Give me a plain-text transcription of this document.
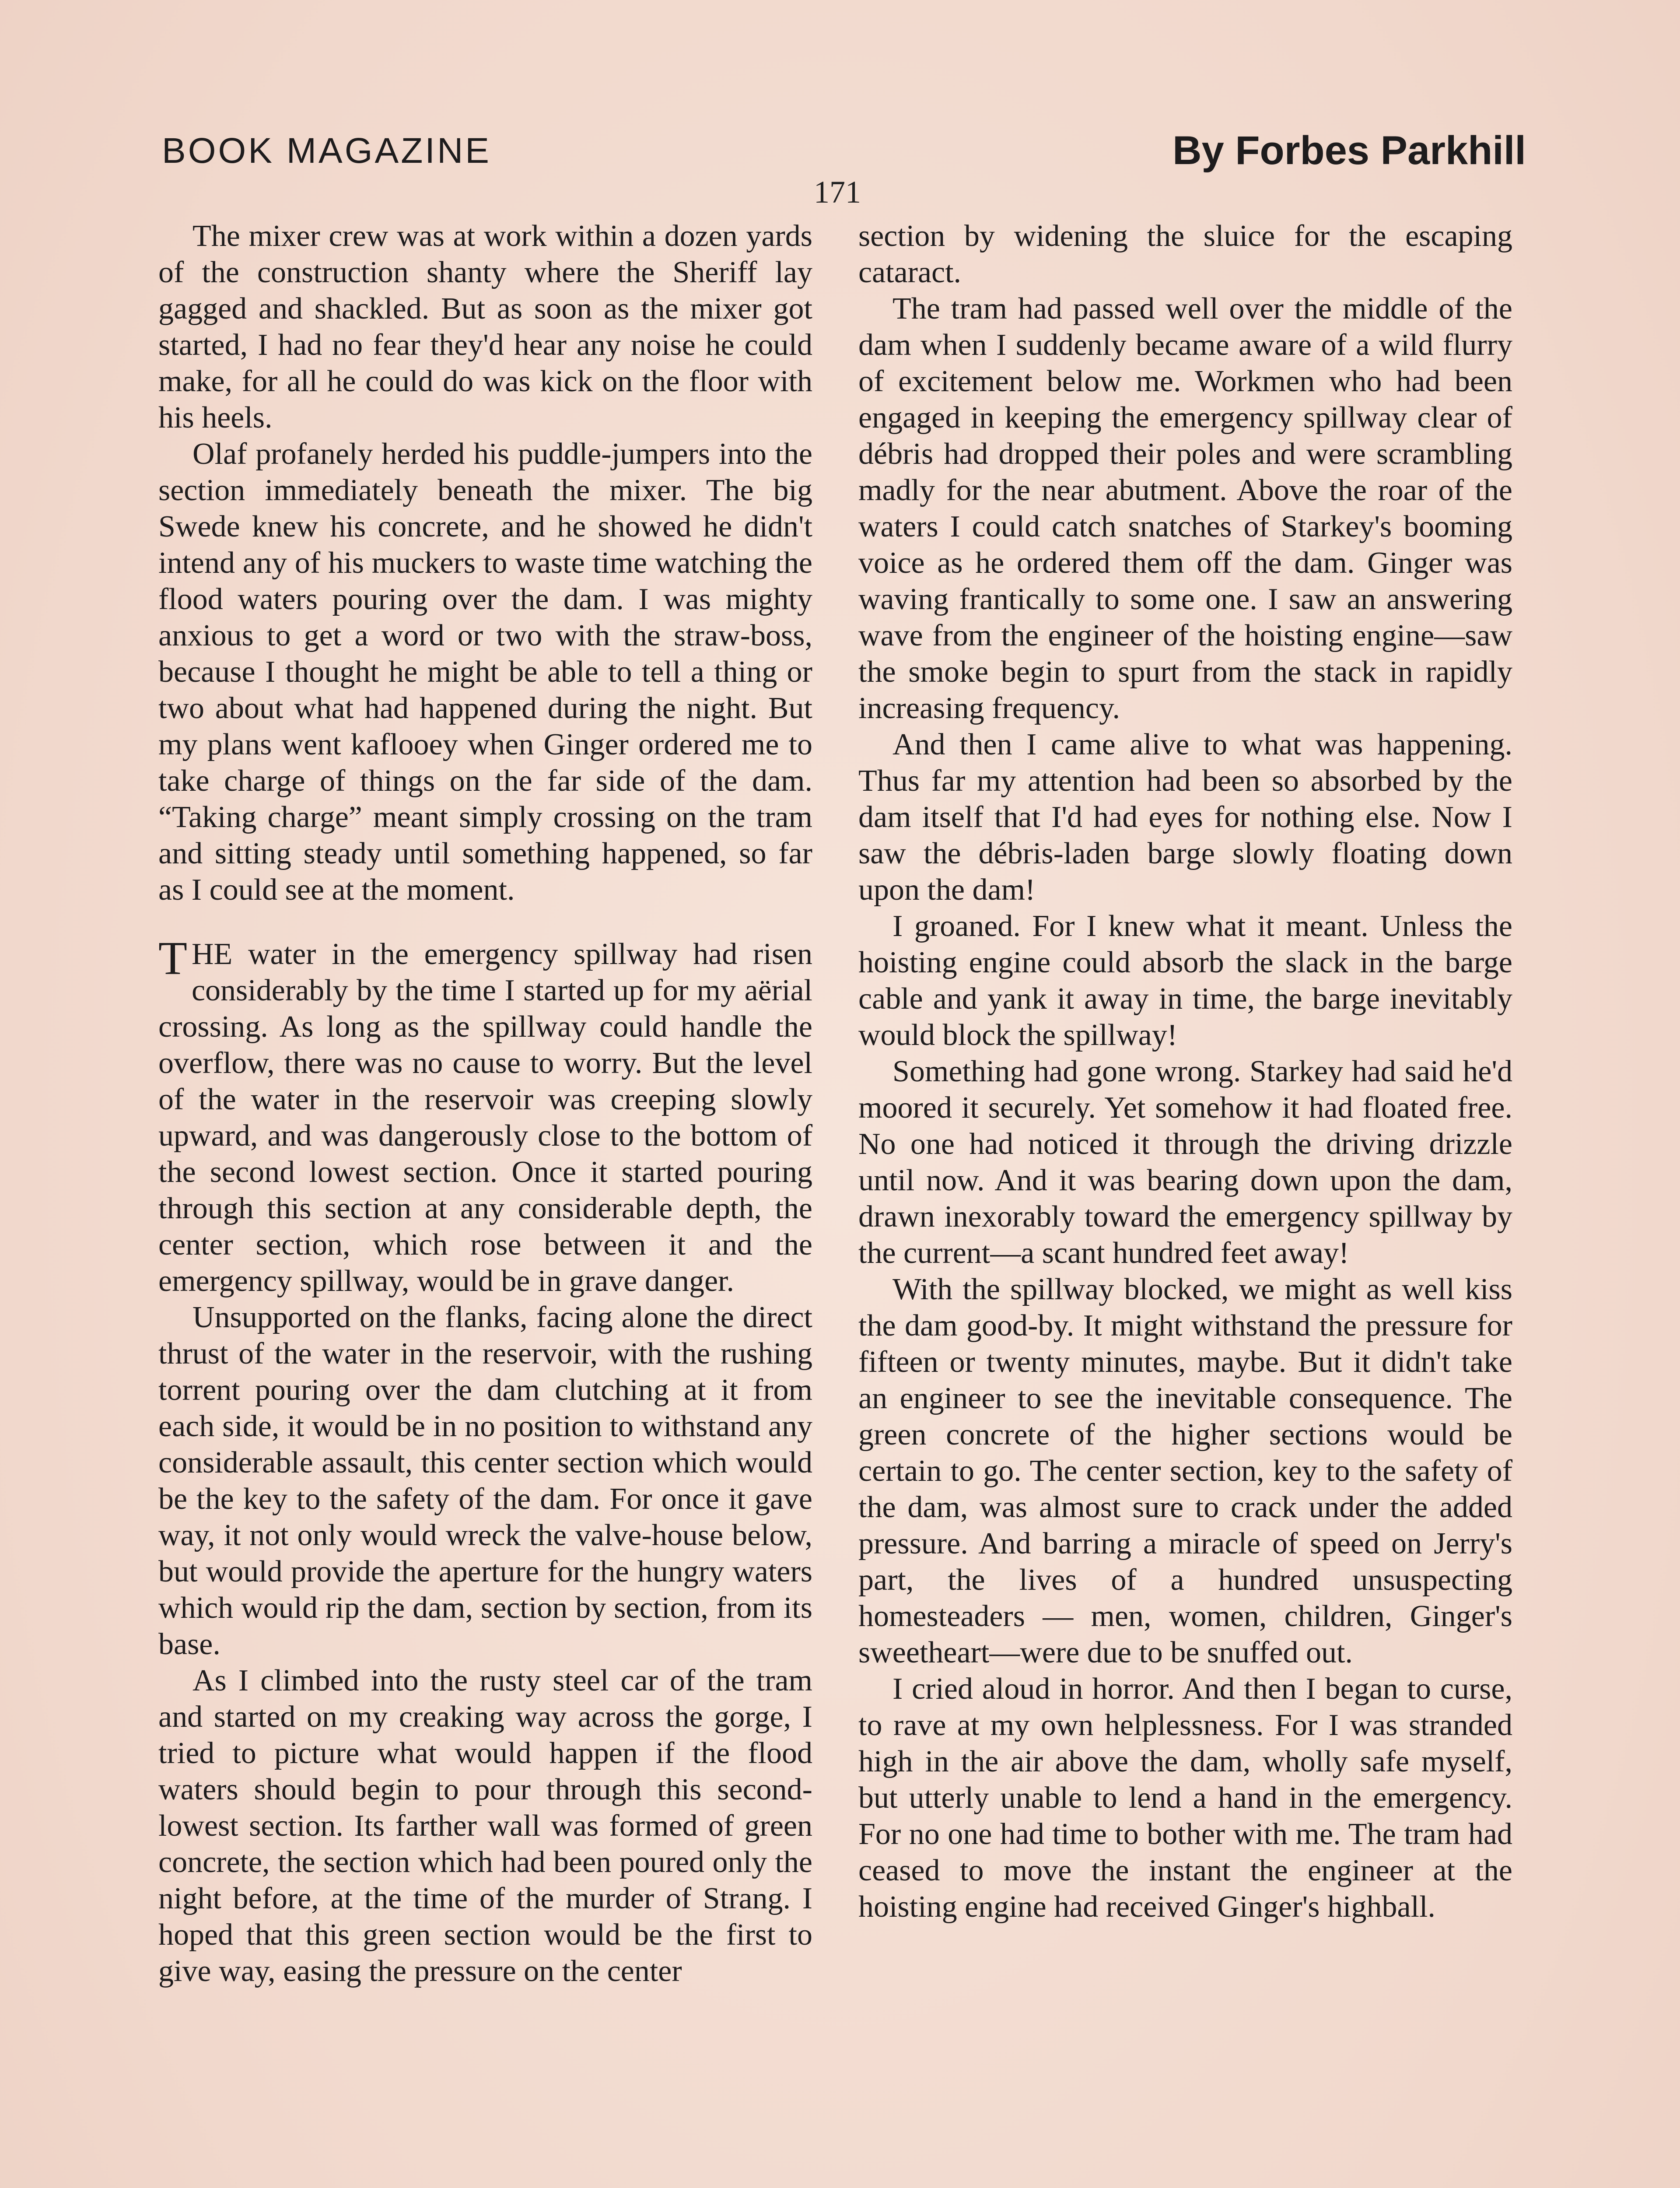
BOOK MAGAZINE	By Forbes Parkhill
171

The mixer crew was at work within a dozen yards of the construction shanty where the Sheriff lay gagged and shackled. But as soon as the mixer got started, I had no fear they'd hear any noise he could make, for all he could do was kick on the floor with his heels.

Olaf profanely herded his puddle-jumpers into the section immediately beneath the mixer. The big Swede knew his concrete, and he showed he didn't intend any of his muckers to waste time watching the flood waters pouring over the dam. I was mighty anxious to get a word or two with the straw-boss, because I thought he might be able to tell a thing or two about what had happened during the night. But my plans went kaflooey when Ginger ordered me to take charge of things on the far side of the dam. “Taking charge” meant simply crossing on the tram and sitting steady until something happened, so far as I could see at the moment.

THE water in the emergency spillway had risen considerably by the time I started up for my aërial crossing. As long as the spillway could handle the overflow, there was no cause to worry. But the level of the water in the reservoir was creeping slowly upward, and was dangerously close to the bottom of the second lowest section. Once it started pouring through this section at any considerable depth, the center section, which rose between it and the emergency spillway, would be in grave danger.

Unsupported on the flanks, facing alone the direct thrust of the water in the reservoir, with the rushing torrent pouring over the dam clutching at it from each side, it would be in no position to withstand any considerable assault, this center section which would be the key to the safety of the dam. For once it gave way, it not only would wreck the valve-house below, but would provide the aperture for the hungry waters which would rip the dam, section by section, from its base.

As I climbed into the rusty steel car of the tram and started on my creaking way across the gorge, I tried to picture what would happen if the flood waters should begin to pour through this second-lowest section. Its farther wall was formed of green concrete, the section which had been poured only the night before, at the time of the murder of Strang. I hoped that this green section would be the first to give way, easing the pressure on the center

section by widening the sluice for the escaping cataract.

The tram had passed well over the middle of the dam when I suddenly became aware of a wild flurry of excitement below me. Workmen who had been engaged in keeping the emergency spillway clear of débris had dropped their poles and were scrambling madly for the near abutment. Above the roar of the waters I could catch snatches of Starkey's booming voice as he ordered them off the dam. Ginger was waving frantically to some one. I saw an answering wave from the engineer of the hoisting engine—saw the smoke begin to spurt from the stack in rapidly increasing frequency.

And then I came alive to what was happening. Thus far my attention had been so absorbed by the dam itself that I'd had eyes for nothing else. Now I saw the débris-laden barge slowly floating down upon the dam!

I groaned. For I knew what it meant. Unless the hoisting engine could absorb the slack in the barge cable and yank it away in time, the barge inevitably would block the spillway!

Something had gone wrong. Starkey had said he'd moored it securely. Yet somehow it had floated free. No one had noticed it through the driving drizzle until now. And it was bearing down upon the dam, drawn inexorably toward the emergency spillway by the current—a scant hundred feet away!

With the spillway blocked, we might as well kiss the dam good-by. It might withstand the pressure for fifteen or twenty minutes, maybe. But it didn't take an engineer to see the inevitable consequence. The green concrete of the higher sections would be certain to go. The center section, key to the safety of the dam, was almost sure to crack under the added pressure. And barring a miracle of speed on Jerry's part, the lives of a hundred unsuspecting homesteaders — men, women, children, Ginger's sweetheart—were due to be snuffed out.

I cried aloud in horror. And then I began to curse, to rave at my own helplessness. For I was stranded high in the air above the dam, wholly safe myself, but utterly unable to lend a hand in the emergency. For no one had time to bother with me. The tram had ceased to move the instant the engineer at the hoisting engine had received Ginger's highball.
